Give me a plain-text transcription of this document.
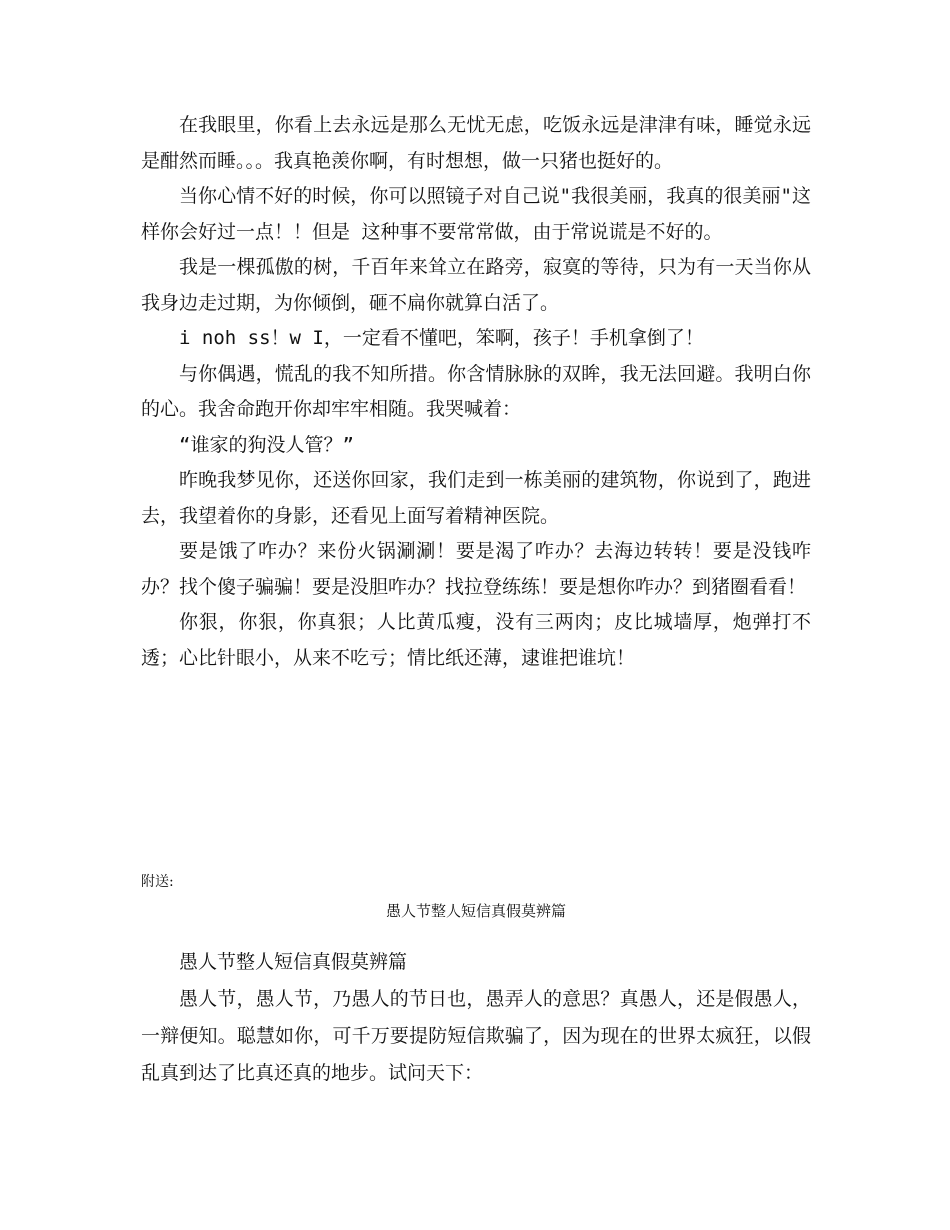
在我眼里，你看上去永远是那么无忧无虑，吃饭永远是津津有味，睡觉永远是酣然而睡。。。我真艳羡你啊，有时想想，做一只猪也挺好的。

当你心情不好的时候，你可以照镜子对自己说"我很美丽，我真的很美丽"这样你会好过一点！！但是 这种事不要常常做，由于常说谎是不好的。

我是一棵孤傲的树，千百年来耸立在路旁，寂寞的等待，只为有一天当你从我身边走过期，为你倾倒，砸不扁你就算白活了。

i noh ss！w I，一定看不懂吧，笨啊，孩子！手机拿倒了！

与你偶遇，慌乱的我不知所措。你含情脉脉的双眸，我无法回避。我明白你的心。我舍命跑开你却牢牢相随。我哭喊着：

“谁家的狗没人管？”

昨晚我梦见你，还送你回家，我们走到一栋美丽的建筑物，你说到了，跑进去，我望着你的身影，还看见上面写着精神医院。

要是饿了咋办？来份火锅涮涮！要是渴了咋办？去海边转转！要是没钱咋办？找个傻子骗骗！要是没胆咋办？找拉登练练！要是想你咋办？到猪圈看看！

你狠，你狠，你真狠；人比黄瓜瘦，没有三两肉；皮比城墙厚，炮弹打不透；心比针眼小，从来不吃亏；情比纸还薄，逮谁把谁坑！

附送:
愚人节整人短信真假莫辨篇

愚人节整人短信真假莫辨篇

愚人节，愚人节，乃愚人的节日也，愚弄人的意思？真愚人，还是假愚人，一辩便知。聪慧如你，可千万要提防短信欺骗了，因为现在的世界太疯狂，以假乱真到达了比真还真的地步。试问天下：
